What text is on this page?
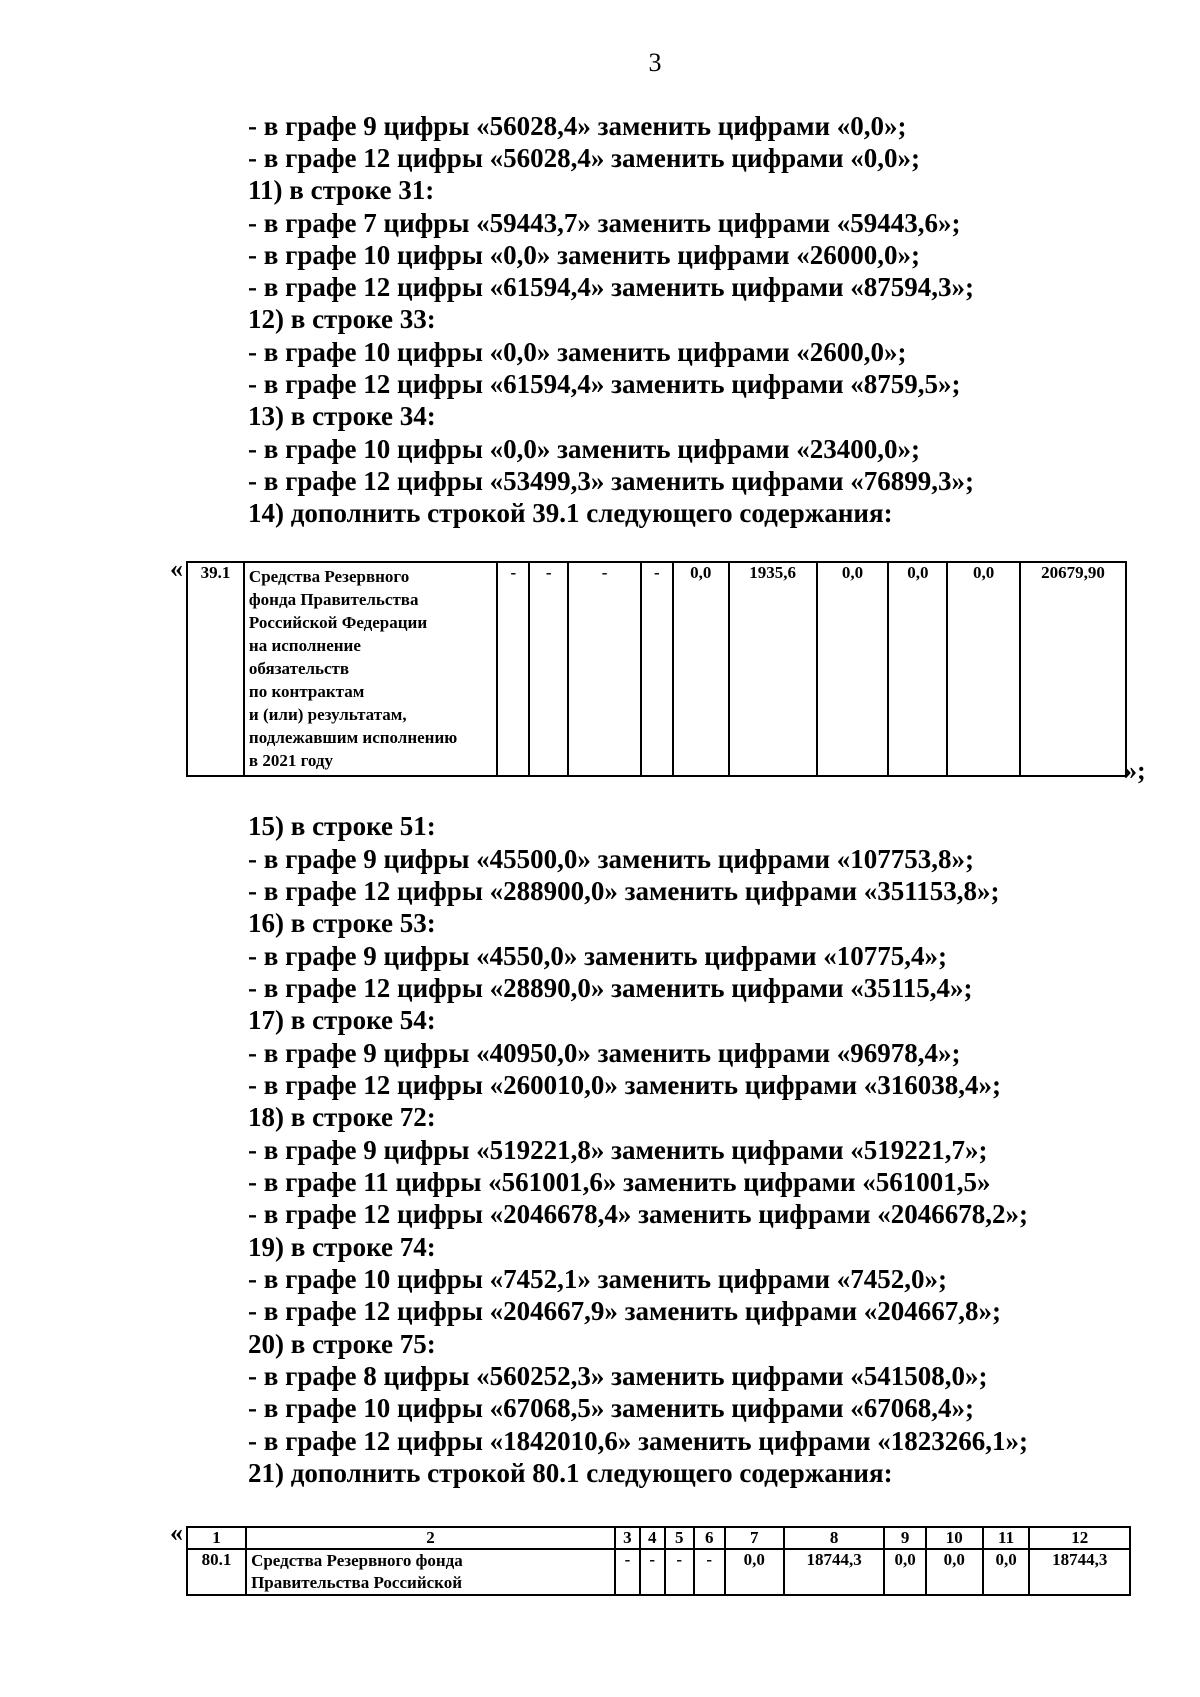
3
- в графе 9 цифры «56028,4» заменить цифрами «0,0»;
- в графе 12 цифры «56028,4» заменить цифрами «0,0»;
11) в строке 31:
- в графе 7 цифры «59443,7» заменить цифрами «59443,6»;
- в графе 10 цифры «0,0» заменить цифрами «26000,0»;
- в графе 12 цифры «61594,4» заменить цифрами «87594,3»;
12) в строке 33:
- в графе 10 цифры «0,0» заменить цифрами «2600,0»;
- в графе 12 цифры «61594,4» заменить цифрами «8759,5»;
13) в строке 34:
- в графе 10 цифры «0,0» заменить цифрами «23400,0»;
- в графе 12 цифры «53499,3» заменить цифрами «76899,3»;
14) дополнить строкой 39.1 следующего содержания:
« 39.1	Средства Резервного
фонда Правительства
Российской Федерации
на исполнение
обязательств
по контрактам
и (или) результатам,
подлежавшим исполнению
в 2021 году
	-	-	-	-	0,0	1935,6	0,0	0,0	0,0	20679,90
»;
15) в строке 51:
- в графе 9 цифры «45500,0» заменить цифрами «107753,8»;
- в графе 12 цифры «288900,0» заменить цифрами «351153,8»;
16) в строке 53:
- в графе 9 цифры «4550,0» заменить цифрами «10775,4»;
- в графе 12 цифры «28890,0» заменить цифрами «35115,4»;
17) в строке 54:
- в графе 9 цифры «40950,0» заменить цифрами «96978,4»;
- в графе 12 цифры «260010,0» заменить цифрами «316038,4»;
18) в строке 72:
- в графе 9 цифры «519221,8» заменить цифрами «519221,7»;
- в графе 11 цифры «561001,6» заменить цифрами «561001,5»
- в графе 12 цифры «2046678,4» заменить цифрами «2046678,2»;
19) в строке 74:
- в графе 10 цифры «7452,1» заменить цифрами «7452,0»;
- в графе 12 цифры «204667,9» заменить цифрами «204667,8»;
20) в строке 75:
- в графе 8 цифры «560252,3» заменить цифрами «541508,0»;
- в графе 10 цифры «67068,5» заменить цифрами «67068,4»;
- в графе 12 цифры «1842010,6» заменить цифрами «1823266,1»;
21) дополнить строкой 80.1 следующего содержания:
« 1	2	3	4	5	6	7	8	9	10	11	12
80.1	Средства Резервного фонда
Правительства Российской	-	-	-	-	0,0	18744,3	0,0	0,0	0,0	18744,3
